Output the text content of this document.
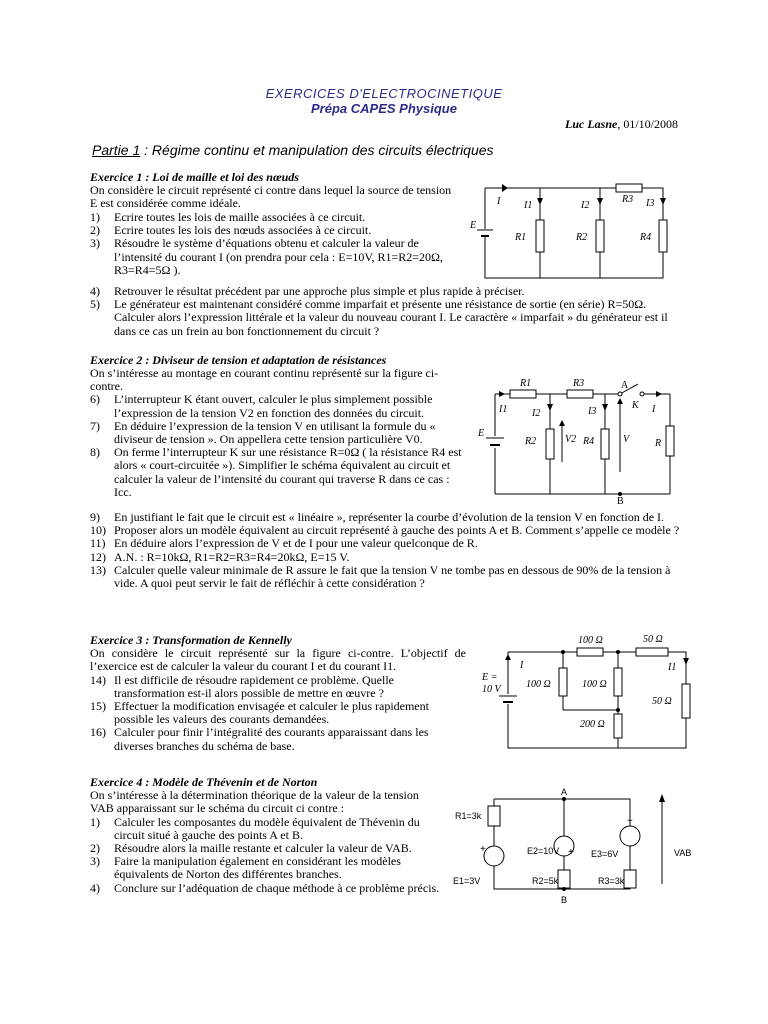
EXERCICES D'ELECTROCINETIQUE
Prépa CAPES Physique
Luc Lasne, 01/10/2008
Partie 1 : Régime continu et manipulation des circuits électriques
Exercice 1 : Loi de maille et loi des nœuds
On considère le circuit représenté ci contre dans lequel la source de tension E est considérée comme idéale.
1) Ecrire toutes les lois de maille associées à ce circuit.
2) Ecrire toutes les lois des nœuds associées à ce circuit.
3) Résoudre le système d’équations obtenu et calculer la valeur de l’intensité du courant I (on prendra pour cela : E=10V, R1=R2=20Ω, R3=R4=5Ω ).
4) Retrouver le résultat précédent par une approche plus simple et plus rapide à préciser.
5) Le générateur est maintenant considéré comme imparfait et présente une résistance de sortie (en série) R=50Ω. Calculer alors l’expression littérale et la valeur du nouveau courant I. Le caractère « imparfait » du générateur est il dans ce cas un frein au bon fonctionnement du circuit ?
I I1	I2	I3
E
R1	R2
R3
R4
Exercice 2 : Diviseur de tension et adaptation de résistances
On s’intéresse au montage en courant continu représenté sur la figure ci-contre.
6) L’interrupteur K étant ouvert, calculer le plus simplement possible l’expression de la tension V2 en fonction des données du circuit.
7) En déduire l’expression de la tension V en utilisant la formule du « diviseur de tension ». On appellera cette tension particulière V0.
8) On ferme l’interrupteur K sur une résistance R=0Ω ( la résistance R4 est alors « court-circuitée »). Simplifier le schéma équivalent au circuit et calculer la valeur de l’intensité du courant qui traverse R dans ce cas : Icc.
9) En justifiant le fait que le circuit est « linéaire », représenter la courbe d’évolution de la tension V en fonction de I.
10) Proposer alors un modèle équivalent au circuit représenté à gauche des points A et B. Comment s’appelle ce modèle ?
11) En déduire alors l’expression de V et de I pour une valeur quelconque de R.
12) A.N. : R=10kΩ, R1=R2=R3=R4=20kΩ, E=15 V.
13) Calculer quelle valeur minimale de R assure le fait que la tension V ne tombe pas en dessous de 90% de la tension à vide. A quoi peut servir le fait de réfléchir à cette considération ?
R1	R3	A
I1 I2	I3
K I
E
R2	V2 R4	V	R
B
Exercice 3 : Transformation de Kennelly
On considère le circuit représenté sur la figure ci-contre. L’objectif de l’exercice est de calculer la valeur du courant I et du courant I1.
14) Il est difficile de résoudre rapidement ce problème. Quelle transformation est-il alors possible de mettre en œuvre ?
15) Effectuer la modification envisagée et calculer le plus rapidement possible les valeurs des courants demandées.
16) Calculer pour finir l’intégralité des courants apparaissant dans les diverses branches du schéma de base.
100 Ω	50 Ω
I	I1
E =
10 V	100 Ω	100 Ω
50 Ω
200 Ω
Exercice 4 : Modèle de Thévenin et de Norton
On s’intéresse à la détermination théorique de la valeur de la tension VAB apparaissant sur le schéma du circuit ci contre :
1) Calculer les composantes du modèle équivalent de Thévenin du circuit situé à gauche des points A et B.
2) Résoudre alors la maille restante et calculer la valeur de VAB.
3) Faire la manipulation également en considérant les modèles équivalents de Norton des différentes branches.
4) Conclure sur l’adéquation de chaque méthode à ce problème précis.
A
B
R1=3k
E2=10V	E3=6V	VAB
E1=3V	R2=5k	R3=3k
+	+
+
